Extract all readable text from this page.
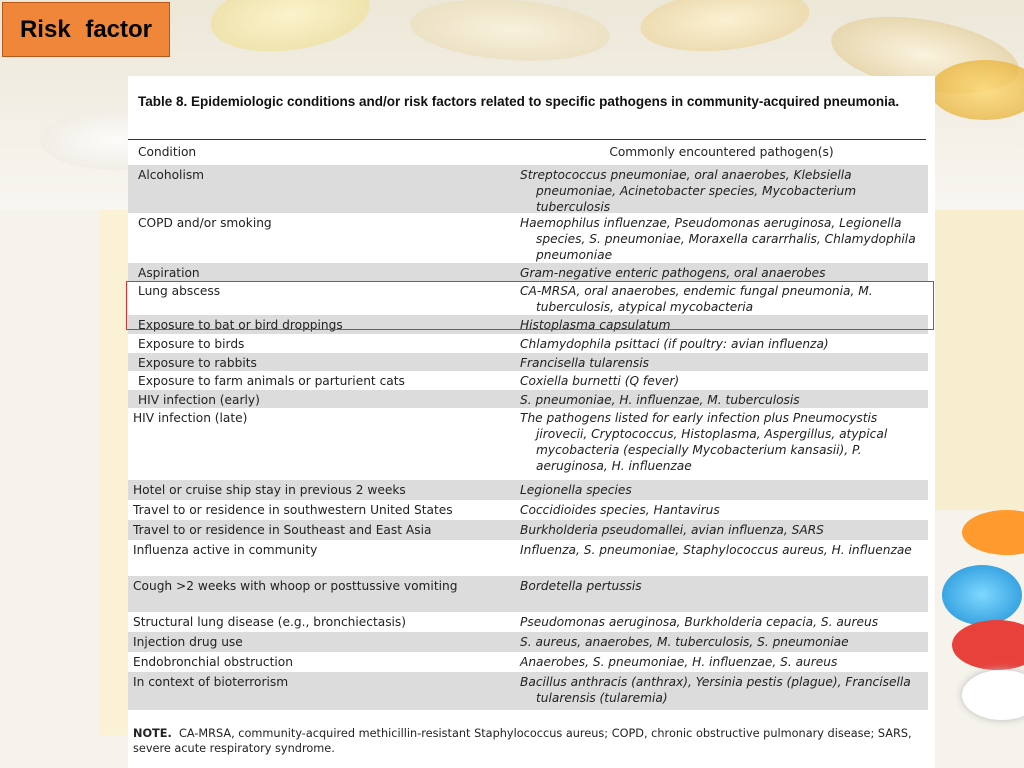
Risk factor
Table 8. Epidemiologic conditions and/or risk factors related to specific pathogens in community-acquired pneumonia.
Condition	Commonly encountered pathogen(s)
Alcoholism	Streptococcus pneumoniae, oral anaerobes, Klebsiella pneumoniae, Acinetobacter species, Mycobacterium tuberculosis
COPD and/or smoking	Haemophilus influenzae, Pseudomonas aeruginosa, Legionella species, S. pneumoniae, Moraxella cararrhalis, Chlamydophila pneumoniae
Aspiration	Gram-negative enteric pathogens, oral anaerobes
Lung abscess	CA-MRSA, oral anaerobes, endemic fungal pneumonia, M. tuberculosis, atypical mycobacteria
Exposure to bat or bird droppings	Histoplasma capsulatum
Exposure to birds	Chlamydophila psittaci (if poultry: avian influenza)
Exposure to rabbits	Francisella tularensis
Exposure to farm animals or parturient cats	Coxiella burnetti (Q fever)
HIV infection (early)	S. pneumoniae, H. influenzae, M. tuberculosis
HIV infection (late)	The pathogens listed for early infection plus Pneumocystis jirovecii, Cryptococcus, Histoplasma, Aspergillus, atypical mycobacteria (especially Mycobacterium kansasii), P. aeruginosa, H. influenzae
Hotel or cruise ship stay in previous 2 weeks	Legionella species
Travel to or residence in southwestern United States	Coccidioides species, Hantavirus
Travel to or residence in Southeast and East Asia	Burkholderia pseudomallei, avian influenza, SARS
Influenza active in community	Influenza, S. pneumoniae, Staphylococcus aureus, H. influenzae
Cough >2 weeks with whoop or posttussive vomiting	Bordetella pertussis
Structural lung disease (e.g., bronchiectasis)	Pseudomonas aeruginosa, Burkholderia cepacia, S. aureus
Injection drug use	S. aureus, anaerobes, M. tuberculosis, S. pneumoniae
Endobronchial obstruction	Anaerobes, S. pneumoniae, H. influenzae, S. aureus
In context of bioterrorism	Bacillus anthracis (anthrax), Yersinia pestis (plague), Francisella tularensis (tularemia)
NOTE. CA-MRSA, community-acquired methicillin-resistant Staphylococcus aureus; COPD, chronic obstructive pulmonary disease; SARS, severe acute respiratory syndrome.
